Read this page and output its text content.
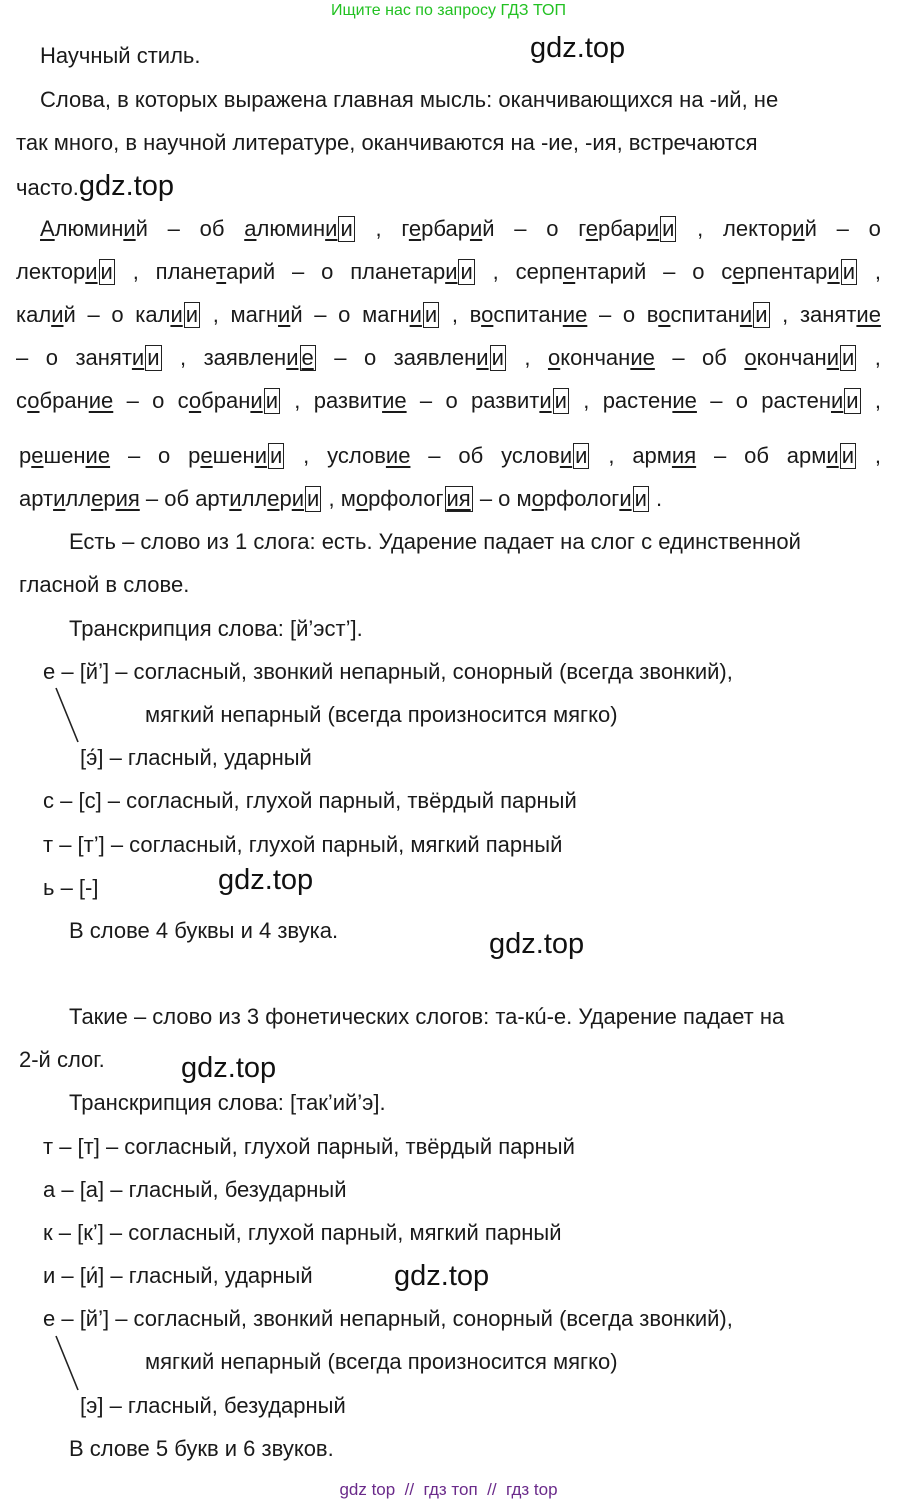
Ищите нас по запросу ГДЗ ТОП
gdz.top
gdz.top
gdz.top
gdz.top
gdz.top
Научный стиль.
Слова, в которых выражена главная мысль: оканчивающихся на -ий, не
так много, в научной литературе, оканчиваются на -ие, -ия, встречаются
часто.gdz.top
Алюминий – об алюмини и , гербарий – о гербари и , лекторий – о
лектори и , планетарий – о планетари и , серпентарий – о серпентари и ,
калий – о кали и , магний – о магни и , воспитание – о воспитани и , занятие
– о заняти и , заявлени е – о заявлени и , окончание – об окончани и ,
собрание – о собрани и , развитие – о развити и , растение – о растени и ,
решение – о решени и , условие – об услови и , армия – об арми и ,
артиллерия – об артиллери и , морфолог ия – о морфологи и .
Есть – слово из 1 слога: есть. Ударение падает на слог с единственной
гласной в слове.
Транскрипция слова: [й’эст’].
е – [й’] – согласный, звонкий непарный, сонорный (всегда звонкий),
мягкий непарный (всегда произносится мягко)
[э́] – гласный, ударный
с – [с] – согласный, глухой парный, твёрдый парный
т – [т’] – согласный, глухой парный, мягкий парный
ь – [-]
В слове 4 буквы и 4 звука.
Такие – слово из 3 фонетических слогов: та-кú-е. Ударение падает на
2-й слог.
Транскрипция слова: [так’ий’э].
т – [т] – согласный, глухой парный, твёрдый парный
а – [а] – гласный, безударный
к – [к’] – согласный, глухой парный, мягкий парный
и – [и́] – гласный, ударный
е – [й’] – согласный, звонкий непарный, сонорный (всегда звонкий),
мягкий непарный (всегда произносится мягко)
[э] – гласный, безударный
В слове 5 букв и 6 звуков.
gdz top  //  гдз топ  //  гдз top
